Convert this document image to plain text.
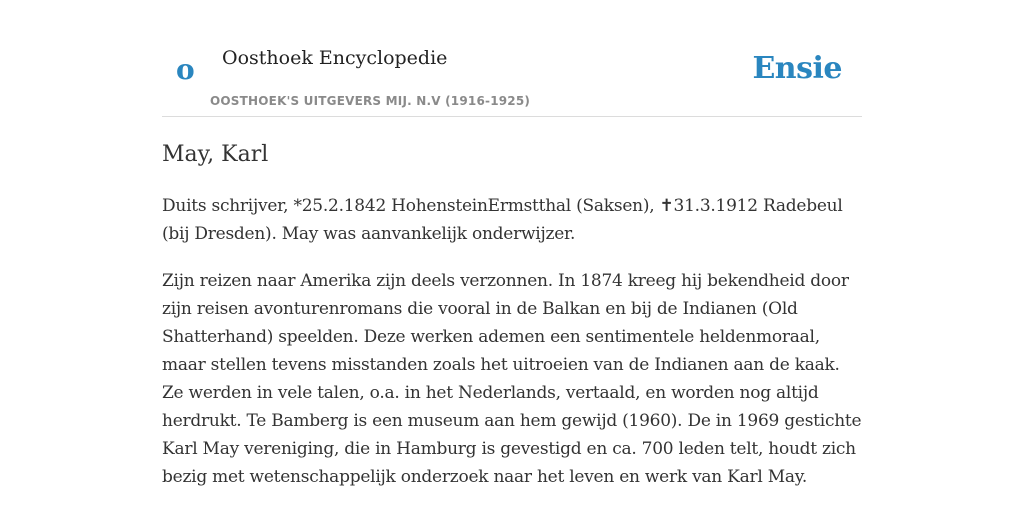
o Oosthoek Encyclopedie
OOSTHOEK'S UITGEVERS MIJ. N.V (1916-1925)
Ensie
May, Karl

Duits schrijver, *25.2.1842 HohensteinErmstthal (Saksen), ✝31.3.1912 Radebeul (bij Dresden). May was aanvankelijk onderwijzer.

Zijn reizen naar Amerika zijn deels verzonnen. In 1874 kreeg hij bekendheid door zijn reisen avonturenromans die vooral in de Balkan en bij de Indianen (Old Shatterhand) speelden. Deze werken ademen een sentimentele heldenmoraal, maar stellen tevens misstanden zoals het uitroeien van de Indianen aan de kaak. Ze werden in vele talen, o.a. in het Nederlands, vertaald, en worden nog altijd herdrukt. Te Bamberg is een museum aan hem gewijd (1960). De in 1969 gestichte Karl May vereniging, die in Hamburg is gevestigd en ca. 700 leden telt, houdt zich bezig met wetenschappelijk onderzoek naar het leven en werk van Karl May.
